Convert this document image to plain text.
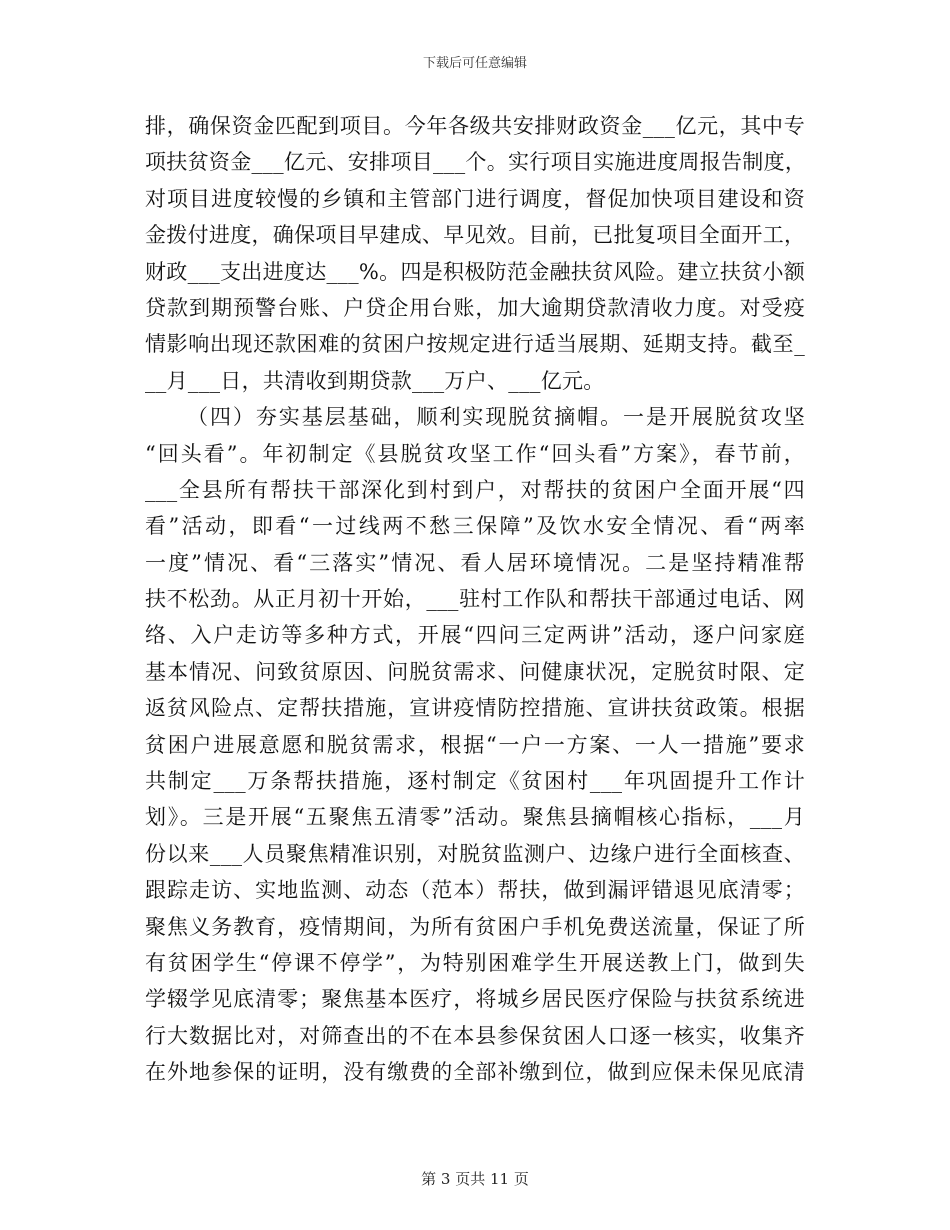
下载后可任意编辑
排，确保资金匹配到项目。今年各级共安排财政资金___亿元，其中专
项扶贫资金___亿元、安排项目___个。实行项目实施进度周报告制度，
对项目进度较慢的乡镇和主管部门进行调度，督促加快项目建设和资
金拨付进度，确保项目早建成、早见效。目前，已批复项目全面开工，
财政___支出进度达___%。四是积极防范金融扶贫风险。建立扶贫小额
贷款到期预警台账、户贷企用台账，加大逾期贷款清收力度。对受疫
情影响出现还款困难的贫困户按规定进行适当展期、延期支持。截至_
__月___日，共清收到期贷款___万户、___亿元。
（四）夯实基层基础，顺利实现脱贫摘帽。一是开展脱贫攻坚
“回头看”。年初制定《县脱贫攻坚工作“回头看”方案》，春节前，
___全县所有帮扶干部深化到村到户，对帮扶的贫困户全面开展“四
看”活动，即看“一过线两不愁三保障”及饮水安全情况、看“两率
一度”情况、看“三落实”情况、看人居环境情况。二是坚持精准帮
扶不松劲。从正月初十开始，___驻村工作队和帮扶干部通过电话、网
络、入户走访等多种方式，开展“四问三定两讲”活动，逐户问家庭
基本情况、问致贫原因、问脱贫需求、问健康状况，定脱贫时限、定
返贫风险点、定帮扶措施，宣讲疫情防控措施、宣讲扶贫政策。根据
贫困户进展意愿和脱贫需求，根据“一户一方案、一人一措施”要求
共制定___万条帮扶措施，逐村制定《贫困村___年巩固提升工作计
划》。三是开展“五聚焦五清零”活动。聚焦县摘帽核心指标，___月
份以来___人员聚焦精准识别，对脱贫监测户、边缘户进行全面核查、
跟踪走访、实地监测、动态（范本）帮扶，做到漏评错退见底清零；
聚焦义务教育，疫情期间，为所有贫困户手机免费送流量，保证了所
有贫困学生“停课不停学”，为特别困难学生开展送教上门，做到失
学辍学见底清零；聚焦基本医疗，将城乡居民医疗保险与扶贫系统进
行大数据比对，对筛查出的不在本县参保贫困人口逐一核实，收集齐
在外地参保的证明，没有缴费的全部补缴到位，做到应保未保见底清
第 3 页共 11 页
